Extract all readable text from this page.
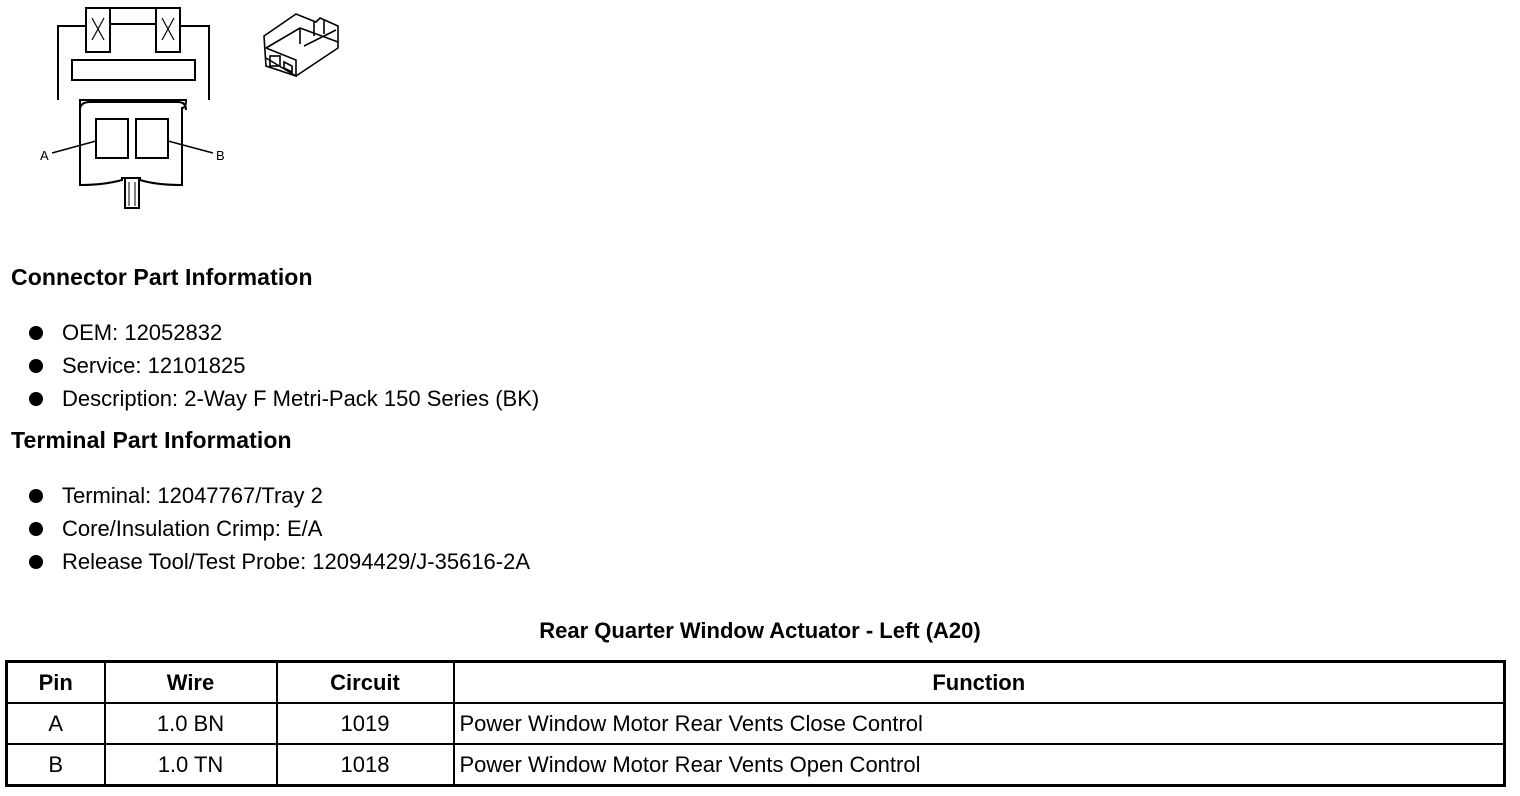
A	B
Connector Part Information
OEM: 12052832
Service: 12101825
Description: 2-Way F Metri-Pack 150 Series (BK)
Terminal Part Information
Terminal: 12047767/Tray 2
Core/Insulation Crimp: E/A
Release Tool/Test Probe: 12094429/J-35616-2A
Rear Quarter Window Actuator - Left (A20)
Pin	Wire	Circuit	Function
A	1.0 BN	1019	Power Window Motor Rear Vents Close Control
B	1.0 TN	1018	Power Window Motor Rear Vents Open Control
